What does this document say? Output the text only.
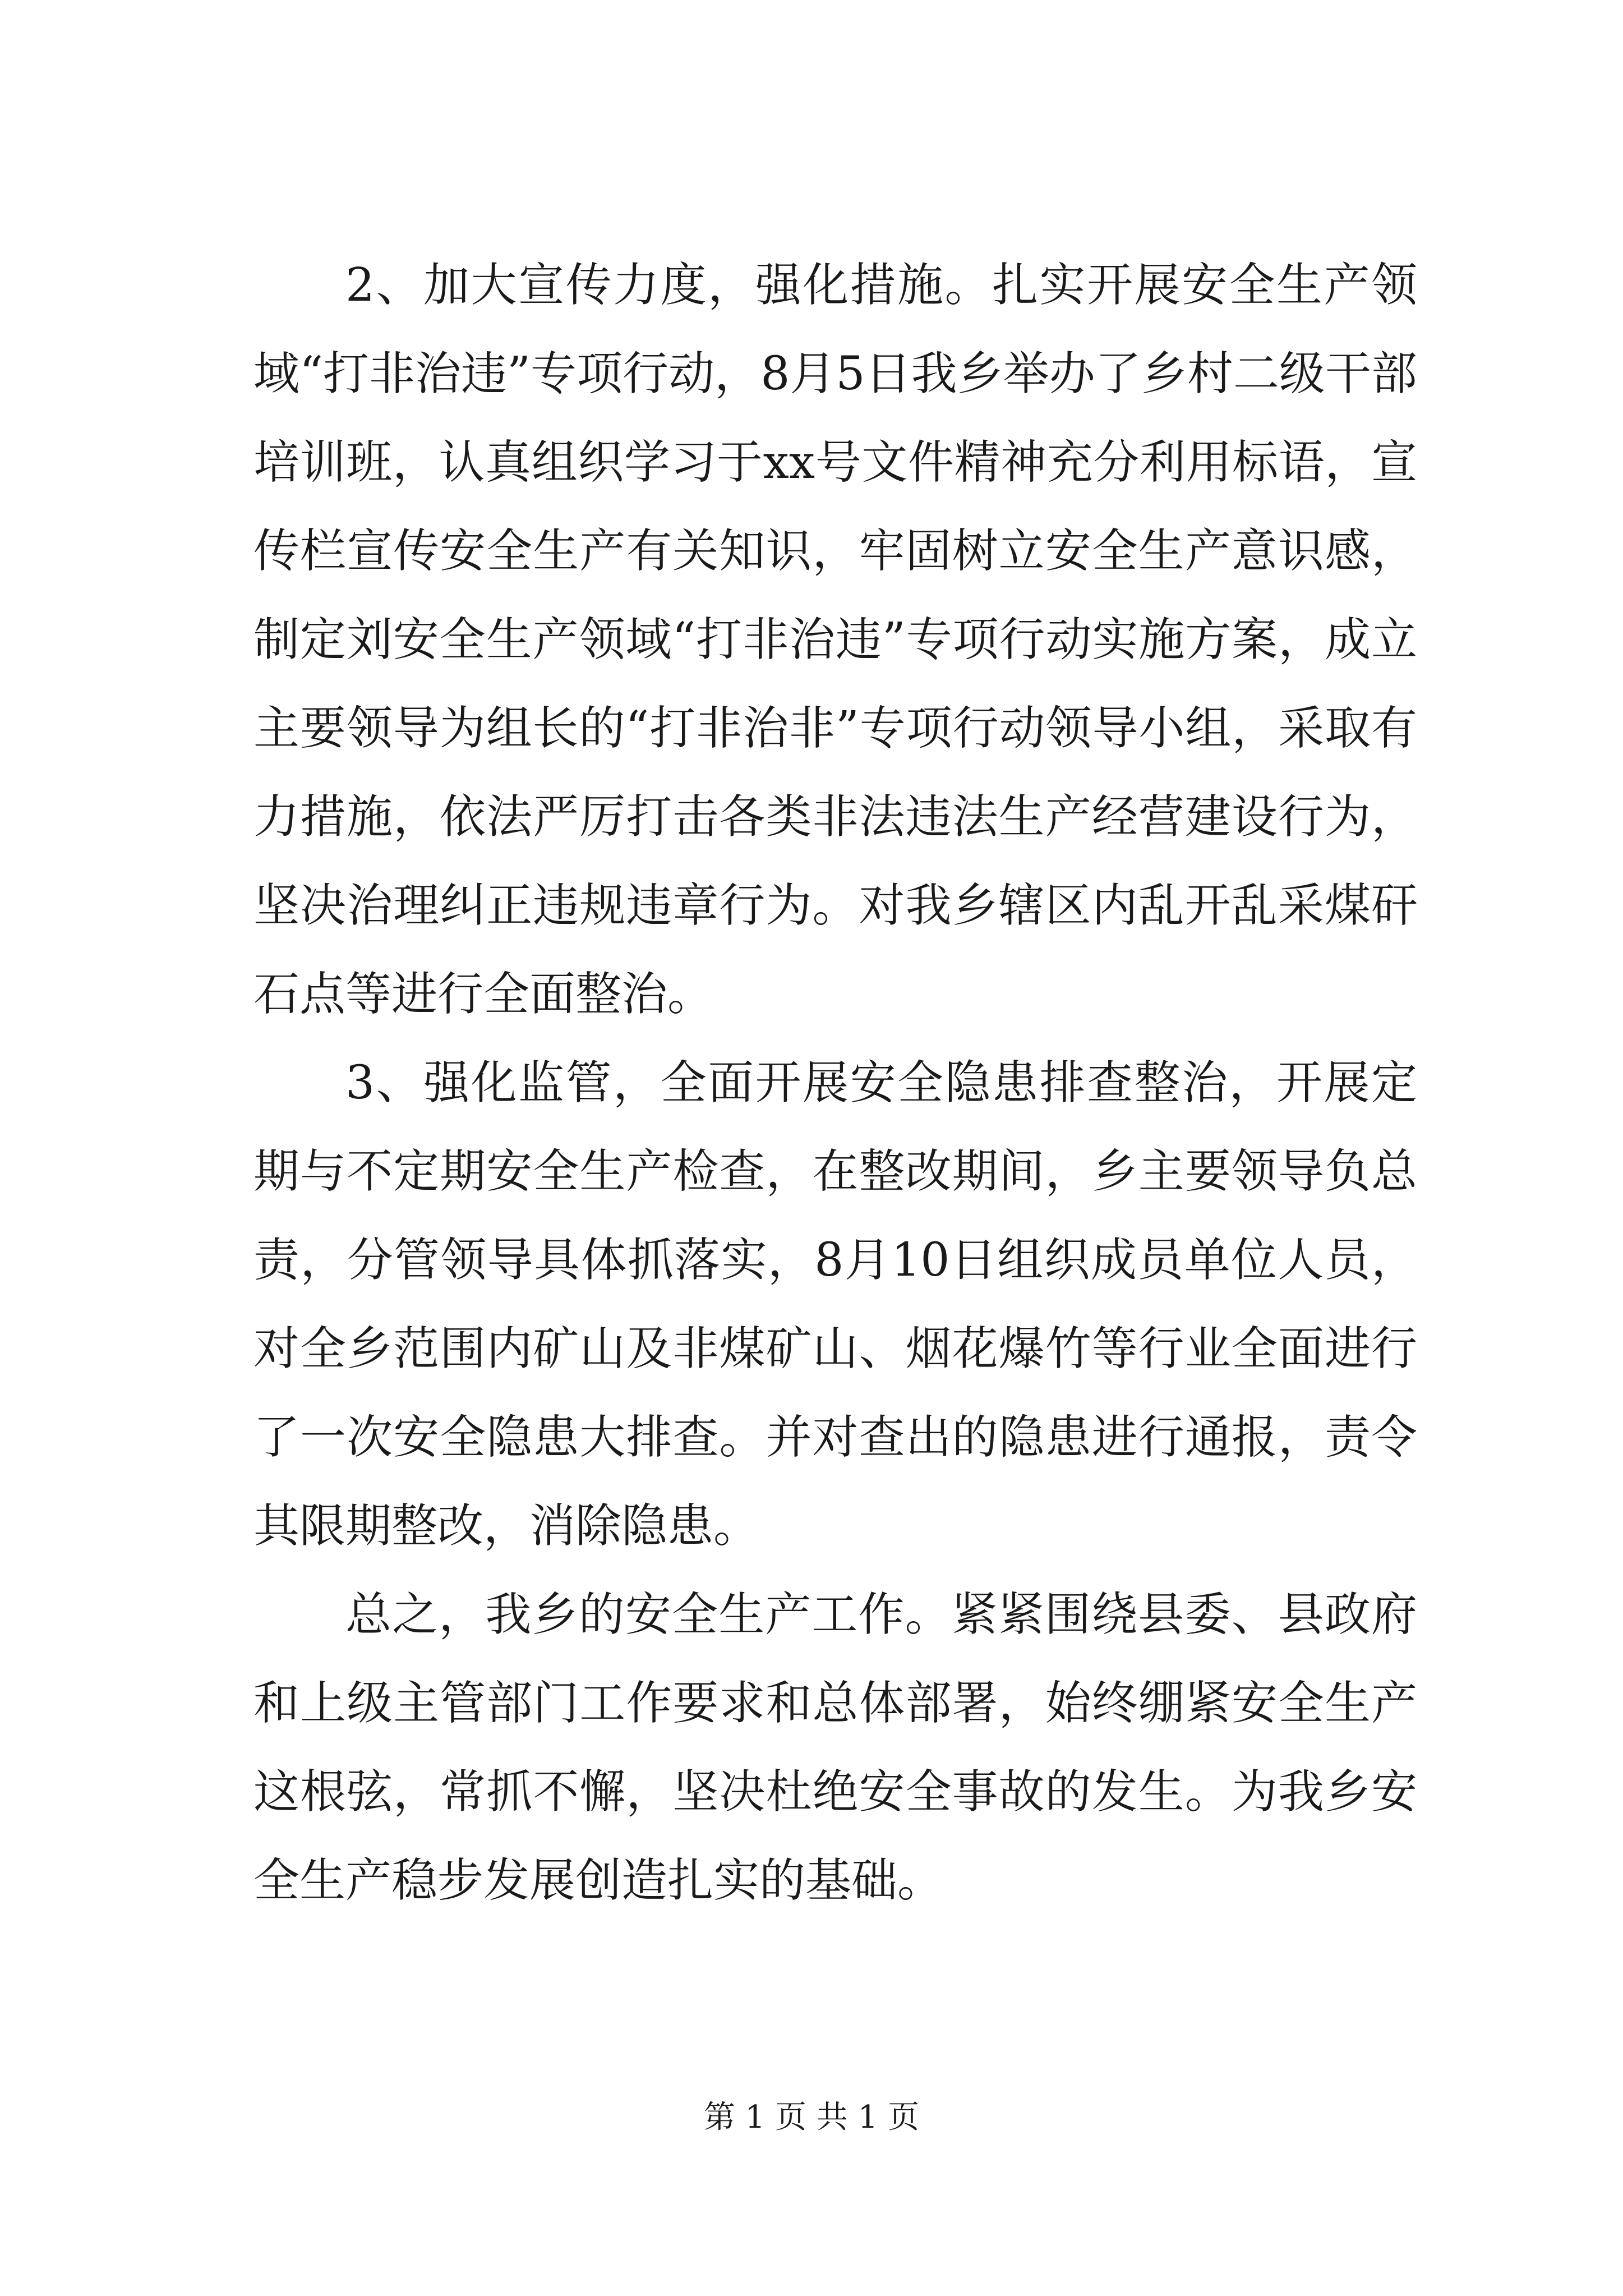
2、加大宣传力度，强化措施。扎实开展安全生产领域“打非治违”专项行动，8月5日我乡举办了乡村二级干部培训班，认真组织学习于xx号文件精神充分利用标语，宣传栏宣传安全生产有关知识，牢固树立安全生产意识感，制定刘安全生产领域“打非治违”专项行动实施方案，成立主要领导为组长的“打非治非”专项行动领导小组，采取有力措施，依法严厉打击各类非法违法生产经营建设行为，坚决治理纠正违规违章行为。对我乡辖区内乱开乱采煤矸石点等进行全面整治。

3、强化监管，全面开展安全隐患排查整治，开展定期与不定期安全生产检查，在整改期间，乡主要领导负总责，分管领导具体抓落实，8月10日组织成员单位人员，对全乡范围内矿山及非煤矿山、烟花爆竹等行业全面进行了一次安全隐患大排查。并对查出的隐患进行通报，责令其限期整改，消除隐患。

总之，我乡的安全生产工作。紧紧围绕县委、县政府和上级主管部门工作要求和总体部署，始终绷紧安全生产这根弦，常抓不懈，坚决杜绝安全事故的发生。为我乡安全生产稳步发展创造扎实的基础。

第 1 页 共 1 页
